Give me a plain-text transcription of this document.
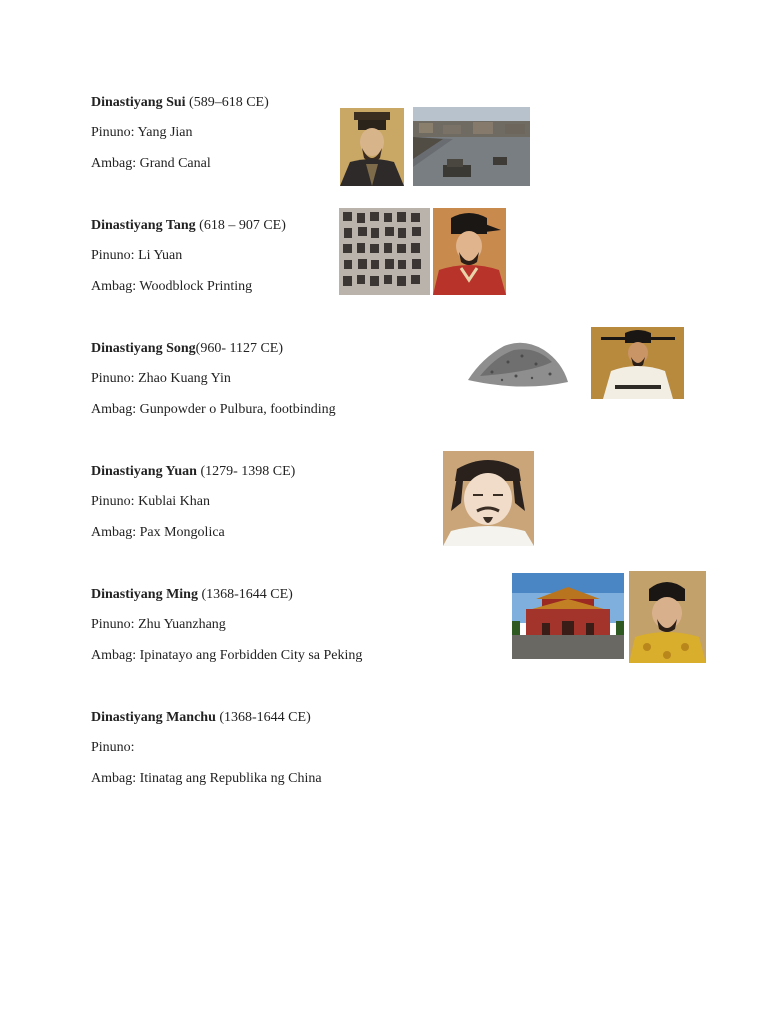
Dinastiyang Sui (589–618 CE)
Pinuno: Yang Jian
Ambag: Grand Canal
Dinastiyang Tang (618 – 907 CE)
Pinuno: Li Yuan
Ambag: Woodblock Printing
Dinastiyang Song(960- 1127 CE)
Pinuno: Zhao Kuang Yin
Ambag: Gunpowder o Pulbura, footbinding
Dinastiyang Yuan (1279- 1398 CE)
Pinuno: Kublai Khan
Ambag: Pax Mongolica
Dinastiyang Ming (1368-1644 CE)
Pinuno: Zhu Yuanzhang
Ambag: Ipinatayo ang Forbidden City sa Peking
Dinastiyang Manchu (1368-1644 CE)
Pinuno:
Ambag: Itinatag ang Republika ng China
